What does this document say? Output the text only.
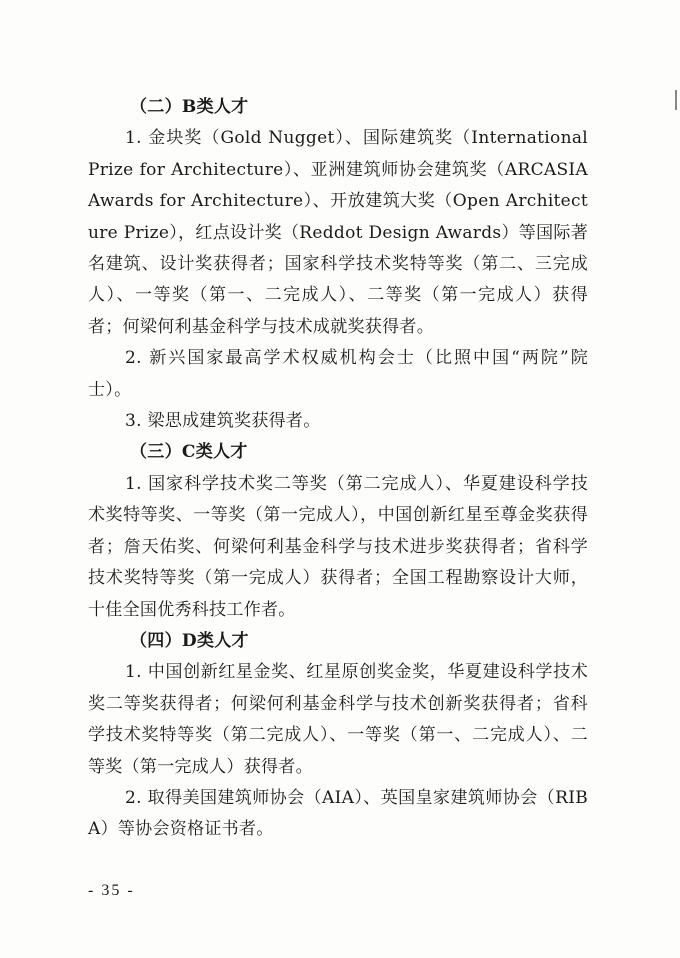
（二）B类人才

1. 金块奖（Gold Nugget）、国际建筑奖（International Prize for Architecture）、亚洲建筑师协会建筑奖（ARCASIA Awards for Architecture）、开放建筑大奖（Open Architecture Prize），红点设计奖（Reddot Design Awards）等国际著名建筑、设计奖获得者；国家科学技术奖特等奖（第二、三完成人）、一等奖（第一、二完成人）、二等奖（第一完成人）获得者；何梁何利基金科学与技术成就奖获得者。

2. 新兴国家最高学术权威机构会士（比照中国“两院”院士）。

3. 梁思成建筑奖获得者。

（三）C类人才

1. 国家科学技术奖二等奖（第二完成人）、华夏建设科学技术奖特等奖、一等奖（第一完成人），中国创新红星至尊金奖获得者；詹天佑奖、何梁何利基金科学与技术进步奖获得者；省科学技术奖特等奖（第一完成人）获得者；全国工程勘察设计大师，十佳全国优秀科技工作者。

（四）D类人才

1. 中国创新红星金奖、红星原创奖金奖，华夏建设科学技术奖二等奖获得者；何梁何利基金科学与技术创新奖获得者；省科学技术奖特等奖（第二完成人）、一等奖（第一、二完成人）、二等奖（第一完成人）获得者。

2. 取得美国建筑师协会（AIA）、英国皇家建筑师协会（RIBA）等协会资格证书者。

- 35 -
